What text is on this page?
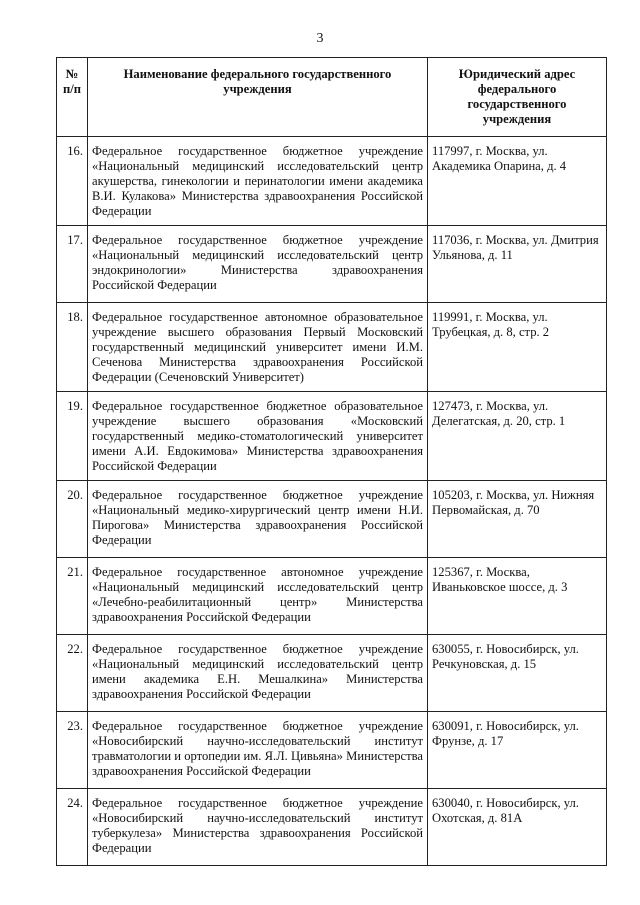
3
№ п/п	Наименование федерального государственного учреждения	Юридический адрес федерального государственного учреждения
16.	Федеральное государственное бюджетное учреждение «Национальный медицинский исследовательский центр акушерства, гинекологии и перинатологии имени академика В.И. Кулакова» Министерства здравоохранения Российской Федерации	117997, г. Москва, ул. Академика Опарина, д. 4
17.	Федеральное государственное бюджетное учреждение «Национальный медицинский исследовательский центр эндокринологии» Министерства здравоохранения Российской Федерации	117036, г. Москва, ул. Дмитрия Ульянова, д. 11
18.	Федеральное государственное автономное образовательное учреждение высшего образования Первый Московский государственный медицинский университет имени И.М. Сеченова Министерства здравоохранения Российской Федерации (Сеченовский Университет)	119991, г. Москва, ул. Трубецкая, д. 8, стр. 2
19.	Федеральное государственное бюджетное образовательное учреждение высшего образования «Московский государственный медико-стоматологический университет имени А.И. Евдокимова» Министерства здравоохранения Российской Федерации	127473, г. Москва, ул. Делегатская, д. 20, стр. 1
20.	Федеральное государственное бюджетное учреждение «Национальный медико-хирургический центр имени Н.И. Пирогова» Министерства здравоохранения Российской Федерации	105203, г. Москва, ул. Нижняя Первомайская, д. 70
21.	Федеральное государственное автономное учреждение «Национальный медицинский исследовательский центр «Лечебно-реабилитационный центр» Министерства здравоохранения Российской Федерации	125367, г. Москва, Иваньковское шоссе, д. 3
22.	Федеральное государственное бюджетное учреждение «Национальный медицинский исследовательский центр имени академика Е.Н. Мешалкина» Министерства здравоохранения Российской Федерации	630055, г. Новосибирск, ул. Речкуновская, д. 15
23.	Федеральное государственное бюджетное учреждение «Новосибирский научно-исследовательский институт травматологии и ортопедии им. Я.Л. Цивьяна» Министерства здравоохранения Российской Федерации	630091, г. Новосибирск, ул. Фрунзе, д. 17
24.	Федеральное государственное бюджетное учреждение «Новосибирский научно-исследовательский институт туберкулеза» Министерства здравоохранения Российской Федерации	630040, г. Новосибирск, ул. Охотская, д. 81А
